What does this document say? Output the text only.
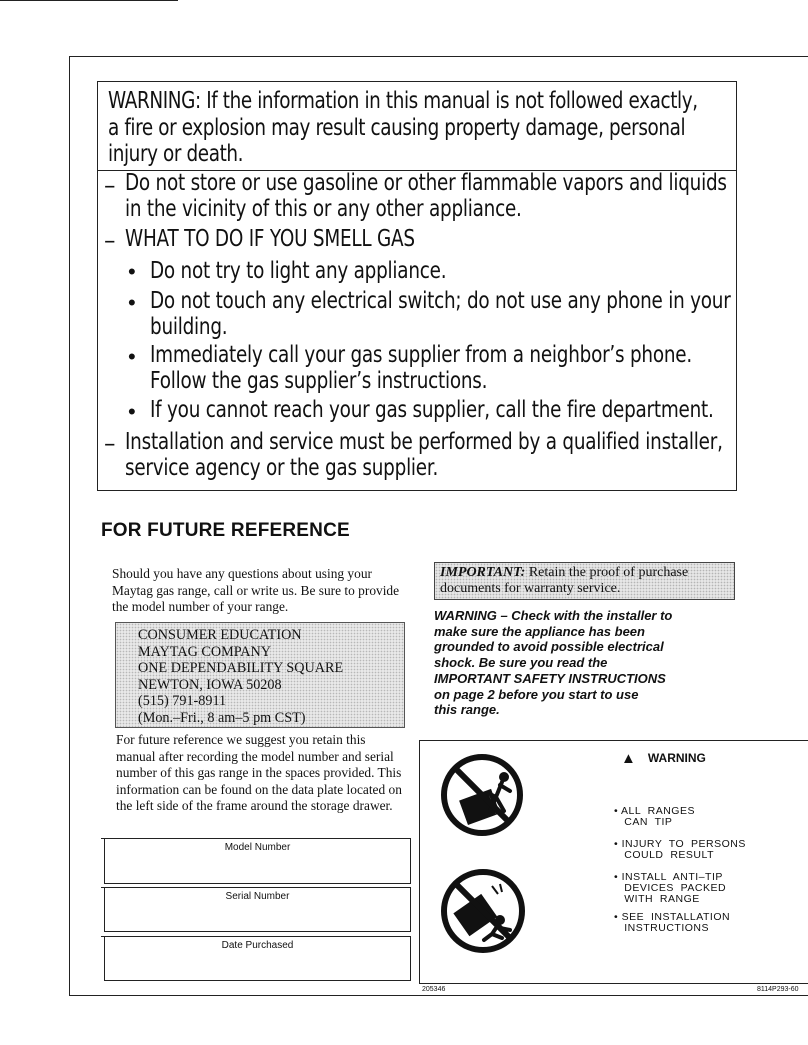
WARNING: If the information in this manual is not followed exactly,
a fire or explosion may result causing property damage, personal
injury or death.
– Do not store or use gasoline or other flammable vapors and liquids
in the vicinity of this or any other appliance.
– WHAT TO DO IF YOU SMELL GAS
• Do not try to light any appliance.
• Do not touch any electrical switch; do not use any phone in your
building.
• Immediately call your gas supplier from a neighbor’s phone.
Follow the gas supplier’s instructions.
• If you cannot reach your gas supplier, call the fire department.
– Installation and service must be performed by a qualified installer,
service agency or the gas supplier.
FOR FUTURE REFERENCE
Should you have any questions about using your Maytag gas range, call or write us. Be sure to provide the model number of your range.
CONSUMER EDUCATION
MAYTAG COMPANY
ONE DEPENDABILITY SQUARE
NEWTON, IOWA 50208
(515) 791-8911
(Mon.–Fri., 8 am–5 pm CST)
For future reference we suggest you retain this manual after recording the model number and serial number of this gas range in the spaces provided. This information can be found on the data plate located on the left side of the frame around the storage drawer.
Model Number
Serial Number
Date Purchased
IMPORTANT: Retain the proof of purchase documents for warranty service.
WARNING – Check with the installer to
make sure the appliance has been
grounded to avoid possible electrical
shock. Be sure you read the
IMPORTANT SAFETY INSTRUCTIONS
on page 2 before you start to use
this range.
▲ WARNING
• ALL  RANGES
CAN  TIP
• INJURY  TO  PERSONS
COULD  RESULT
• INSTALL  ANTI–TIP
DEVICES  PACKED
WITH  RANGE
• SEE  INSTALLATION
INSTRUCTIONS
205346	8114P293-60
